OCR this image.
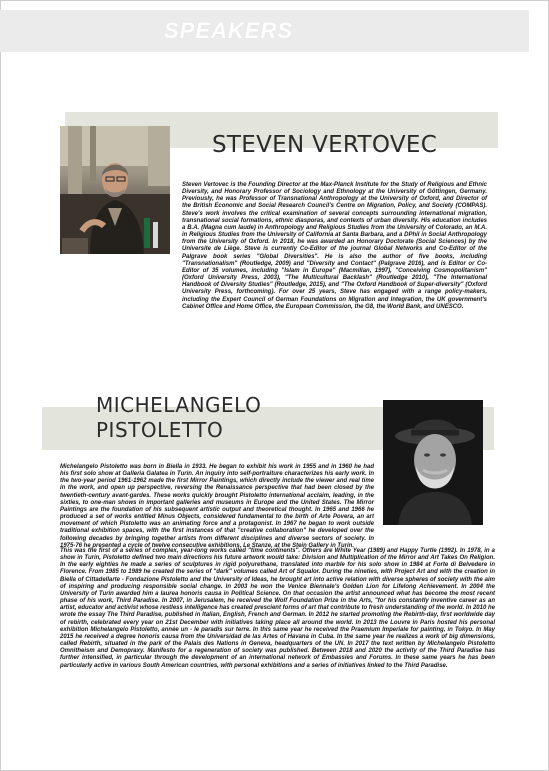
SPEAKERS
STEVEN VERTOVEC

Steven Vertovec is the Founding Director at the Max-Planck Institute for the Study of Religious and Ethnic Diversity, and Honorary Professor of Sociology and Ethnology at the University of Göttingen, Germany. Previously, he was Professor of Transnational Anthropology at the University of Oxford, and Director of the British Economic and Social Research Council's Centre on Migration, Policy, and Society (COMPAS). Steve's work involves the critical examination of several concepts surrounding international migration, transnational social formations, ethnic diasporas, and contexts of urban diversity. His education includes a B.A. (Magna cum laude) in Anthropology and Religious Studies from the University of Colorado, an M.A. in Religious Studies from the University of California at Santa Barbara, and a DPhil in Social Anthropology from the University of Oxford. In 2018, he was awarded an Honorary Doctorate (Social Sciences) by the Universite de Liège. Steve is currently Co-Editor of the journal Global Networks and Co-Editor of the Palgrave book series "Global Diversities". He is also the author of five books, including "Transnationalism" (Routledge, 2009) and "Diversity and Contact" (Palgrave 2016), and is Editor or Co-Editor of 35 volumes, including "Islam in Europe" (Macmillan, 1997), "Conceiving Cosmopolitanism" (Oxford University Press, 2003), "The Multicultural Backlash" (Routledge 2010), "The International Handbook of Diversity Studies" (Routledge, 2015), and "The Oxford Handbook of Super-diversity" (Oxford University Press, forthcoming). For over 25 years, Steve has engaged with a range policy-makers, including the Expert Council of German Foundations on Migration and Integration, the UK government's Cabinet Office and Home Office, the European Commission, the G8, the World Bank, and UNESCO.

MICHELANGELO
PISTOLETTO

Michelangelo Pistoletto was born in Biella in 1933. He began to exhibit his work in 1955 and in 1960 he had his first solo show at Galleria Galatea in Turin. An inquiry into self-portraiture characterizes his early work. In the two-year period 1961-1962 made the first Mirror Paintings, which directly include the viewer and real time in the work, and open up perspective, reversing the Renaissance perspective that had been closed by the twentieth-century avant-gardes. These works quickly brought Pistoletto international acclaim, leading, in the sixties, to one-man shows in important galleries and museums in Europe and the United States. The Mirror Paintings are the foundation of his subsequent artistic output and theoretical thought. In 1965 and 1966 he produced a set of works entitled Minus Objects, considered fundamental to the birth of Arte Povera, an art movement of which Pistoletto was an animating force and a protagonist. In 1967 he began to work outside traditional exhibition spaces, with the first instances of that "creative collaboration" he developed over the following decades by bringing together artists from different disciplines and diverse sectors of society. In 1975-76 he presented a cycle of twelve consecutive exhibitions, Le Stanze, at the Stein Gallery in Turin.

This was the first of a series of complex, year-long works called "time continents". Others are White Year (1989) and Happy Turtle (1992). In 1978, in a show in Turin, Pistoletto defined two main directions his future artwork would take: Division and Multiplication of the Mirror and Art Takes On Religion. In the early eighties he made a series of sculptures in rigid polyurethane, translated into marble for his solo show in 1984 at Forte di Belvedere in Florence. From 1985 to 1989 he created the series of "dark" volumes called Art of Squalor. During the nineties, with Project Art and with the creation in Biella of Cittadellarte - Fondazione Pistoletto and the University of Ideas, he brought art into active relation with diverse spheres of society with the aim of inspiring and producing responsible social change. In 2003 he won the Venice Biennale's Golden Lion for Lifelong Achievement. In 2004 the University of Turin awarded him a laurea honoris causa in Political Science. On that occasion the artist announced what has become the most recent phase of his work, Third Paradise. In 2007, in Jerusalem, he received the Wolf Foundation Prize in the Arts, "for his constantly inventive career as an artist, educator and activist whose restless intelligence has created prescient forms of art that contribute to fresh understanding of the world. In 2010 he wrote the essay The Third Paradise, published in Italian, English, French and German. In 2012 he started promoting the Rebirth-day, first worldwide day of rebirth, celebrated every year on 21st December with initiatives taking place all around the world. In 2013 the Louvre in Paris hosted his personal exhibition Michelangelo Pistoletto, année un - le paradis sur terre. In this same year he received the Praemium Imperiale for painting, in Tokyo. In May 2015 he received a degree honoris causa from the Universidad de las Artes of Havana in Cuba. In the same year he realizes a work of big dimensions, called Rebirth, situated in the park of the Palais des Nations in Geneva, headquarters of the UN. In 2017 the text written by Michelangelo Pistoletto Omnitheism and Demopraxy. Manifesto for a regeneration of society was published. Between 2018 and 2020 the activity of the Third Paradise has further intensified, in particular through the development of an international network of Embassies and Forums. In these same years he has been particularly active in various South American countries, with personal exhibitions and a series of initiatives linked to the Third Paradise.
